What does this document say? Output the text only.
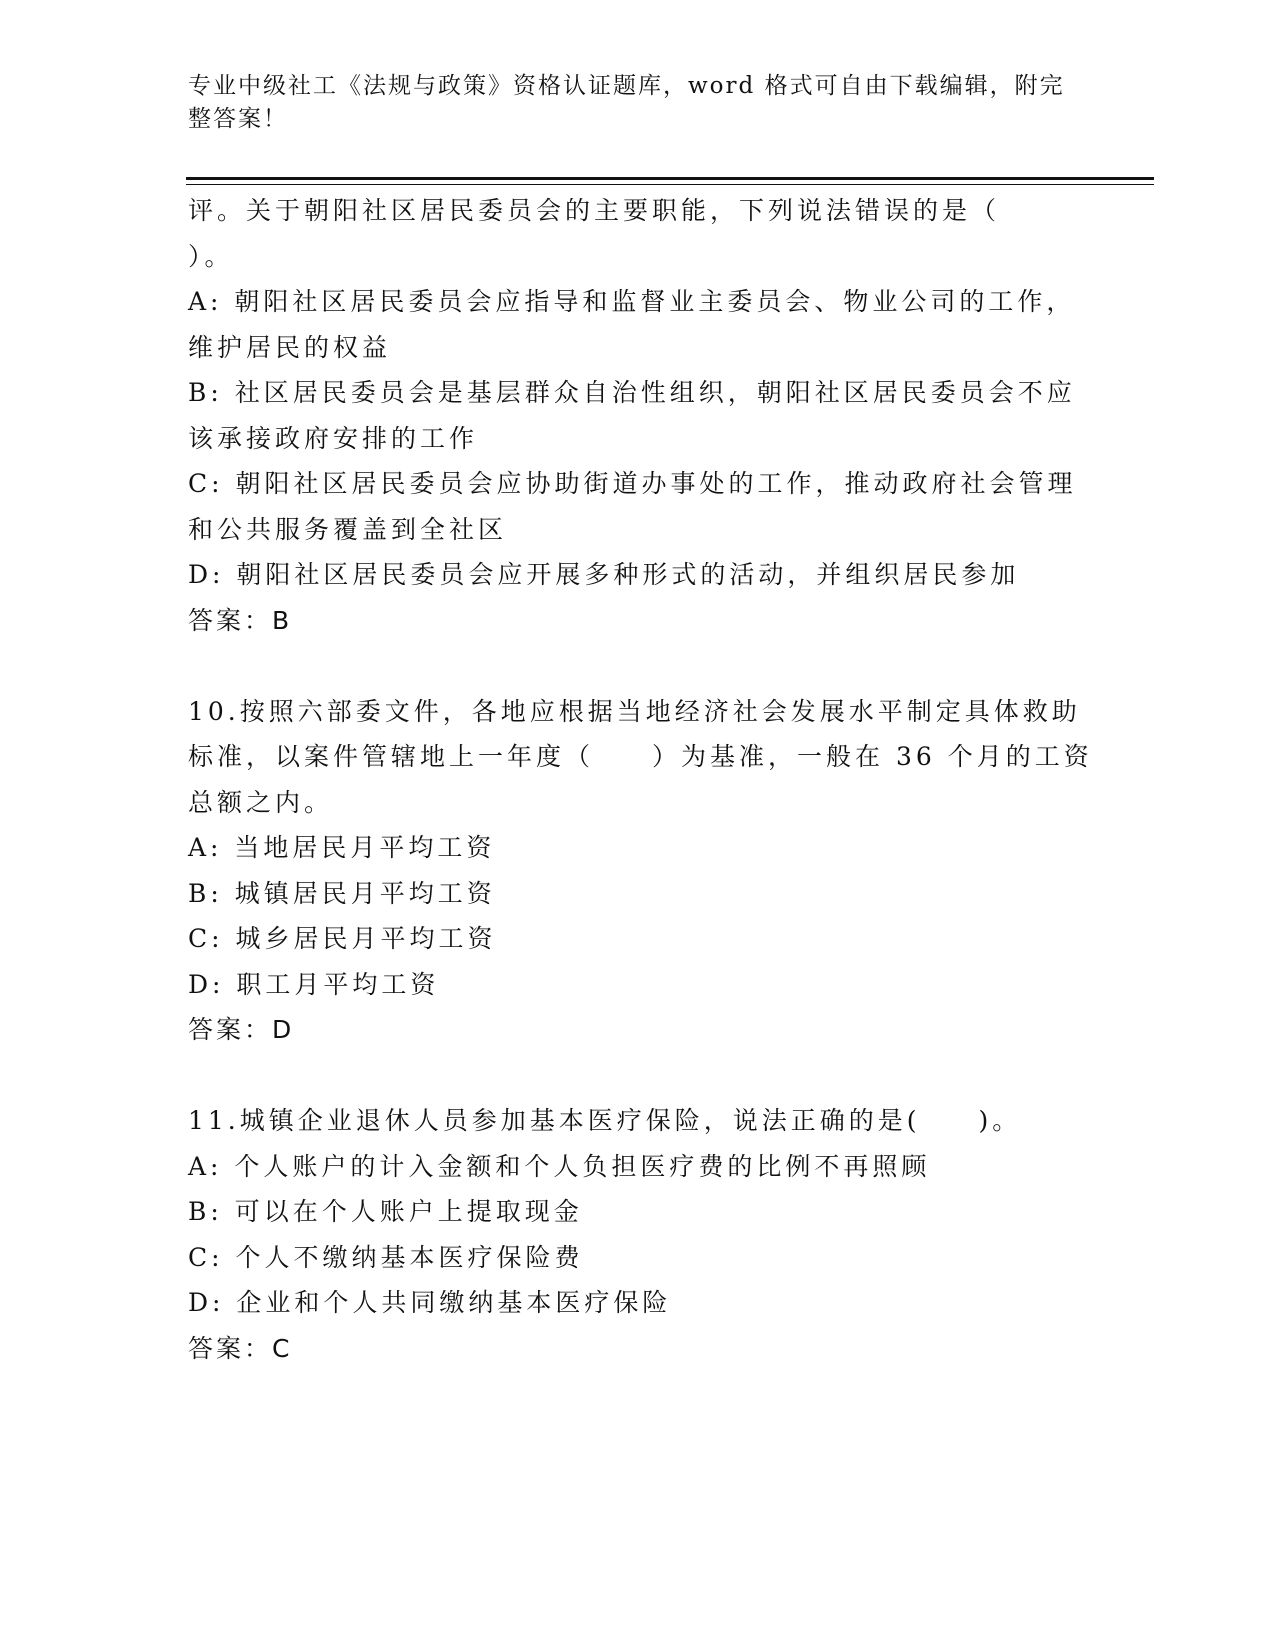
专业中级社工《法规与政策》资格认证题库，word 格式可自由下载编辑，附完整答案！
评。关于朝阳社区居民委员会的主要职能，下列说法错误的是（
）。
A: 朝阳社区居民委员会应指导和监督业主委员会、物业公司的工作，
维护居民的权益
B: 社区居民委员会是基层群众自治性组织，朝阳社区居民委员会不应
该承接政府安排的工作
C: 朝阳社区居民委员会应协助街道办事处的工作，推动政府社会管理
和公共服务覆盖到全社区
D: 朝阳社区居民委员会应开展多种形式的活动，并组织居民参加
答案：B
10.按照六部委文件，各地应根据当地经济社会发展水平制定具体救助
标准，以案件管辖地上一年度（　　）为基准，一般在 36 个月的工资
总额之内。
A: 当地居民月平均工资
B: 城镇居民月平均工资
C: 城乡居民月平均工资
D: 职工月平均工资
答案：D
11.城镇企业退休人员参加基本医疗保险，说法正确的是(　　)。
A: 个人账户的计入金额和个人负担医疗费的比例不再照顾
B: 可以在个人账户上提取现金
C: 个人不缴纳基本医疗保险费
D: 企业和个人共同缴纳基本医疗保险
答案：C
